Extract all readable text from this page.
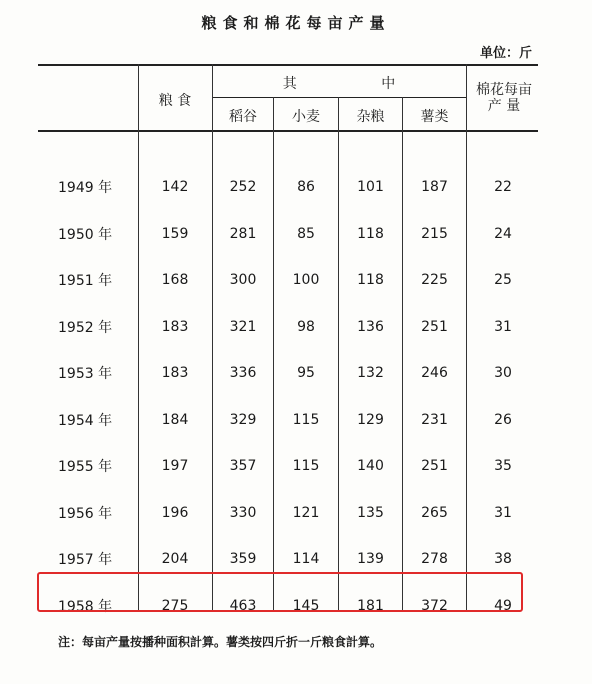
粮食和棉花每亩产量
单位：斤
粮 食
其 中
稻谷	小麦	杂粮	薯类
棉花每亩产 量
1949 年	142	252	86	101	187	22
1950 年	159	281	85	118	215	24
1951 年	168	300	100	118	225	25
1952 年	183	321	98	136	251	31
1953 年	183	336	95	132	246	30
1954 年	184	329	115	129	231	26
1955 年	197	357	115	140	251	35
1956 年	196	330	121	135	265	31
1957 年	204	359	114	139	278	38
1958 年	275	463	145	181	372	49
注：每亩产量按播种面积計算。薯类按四斤折一斤粮食計算。
